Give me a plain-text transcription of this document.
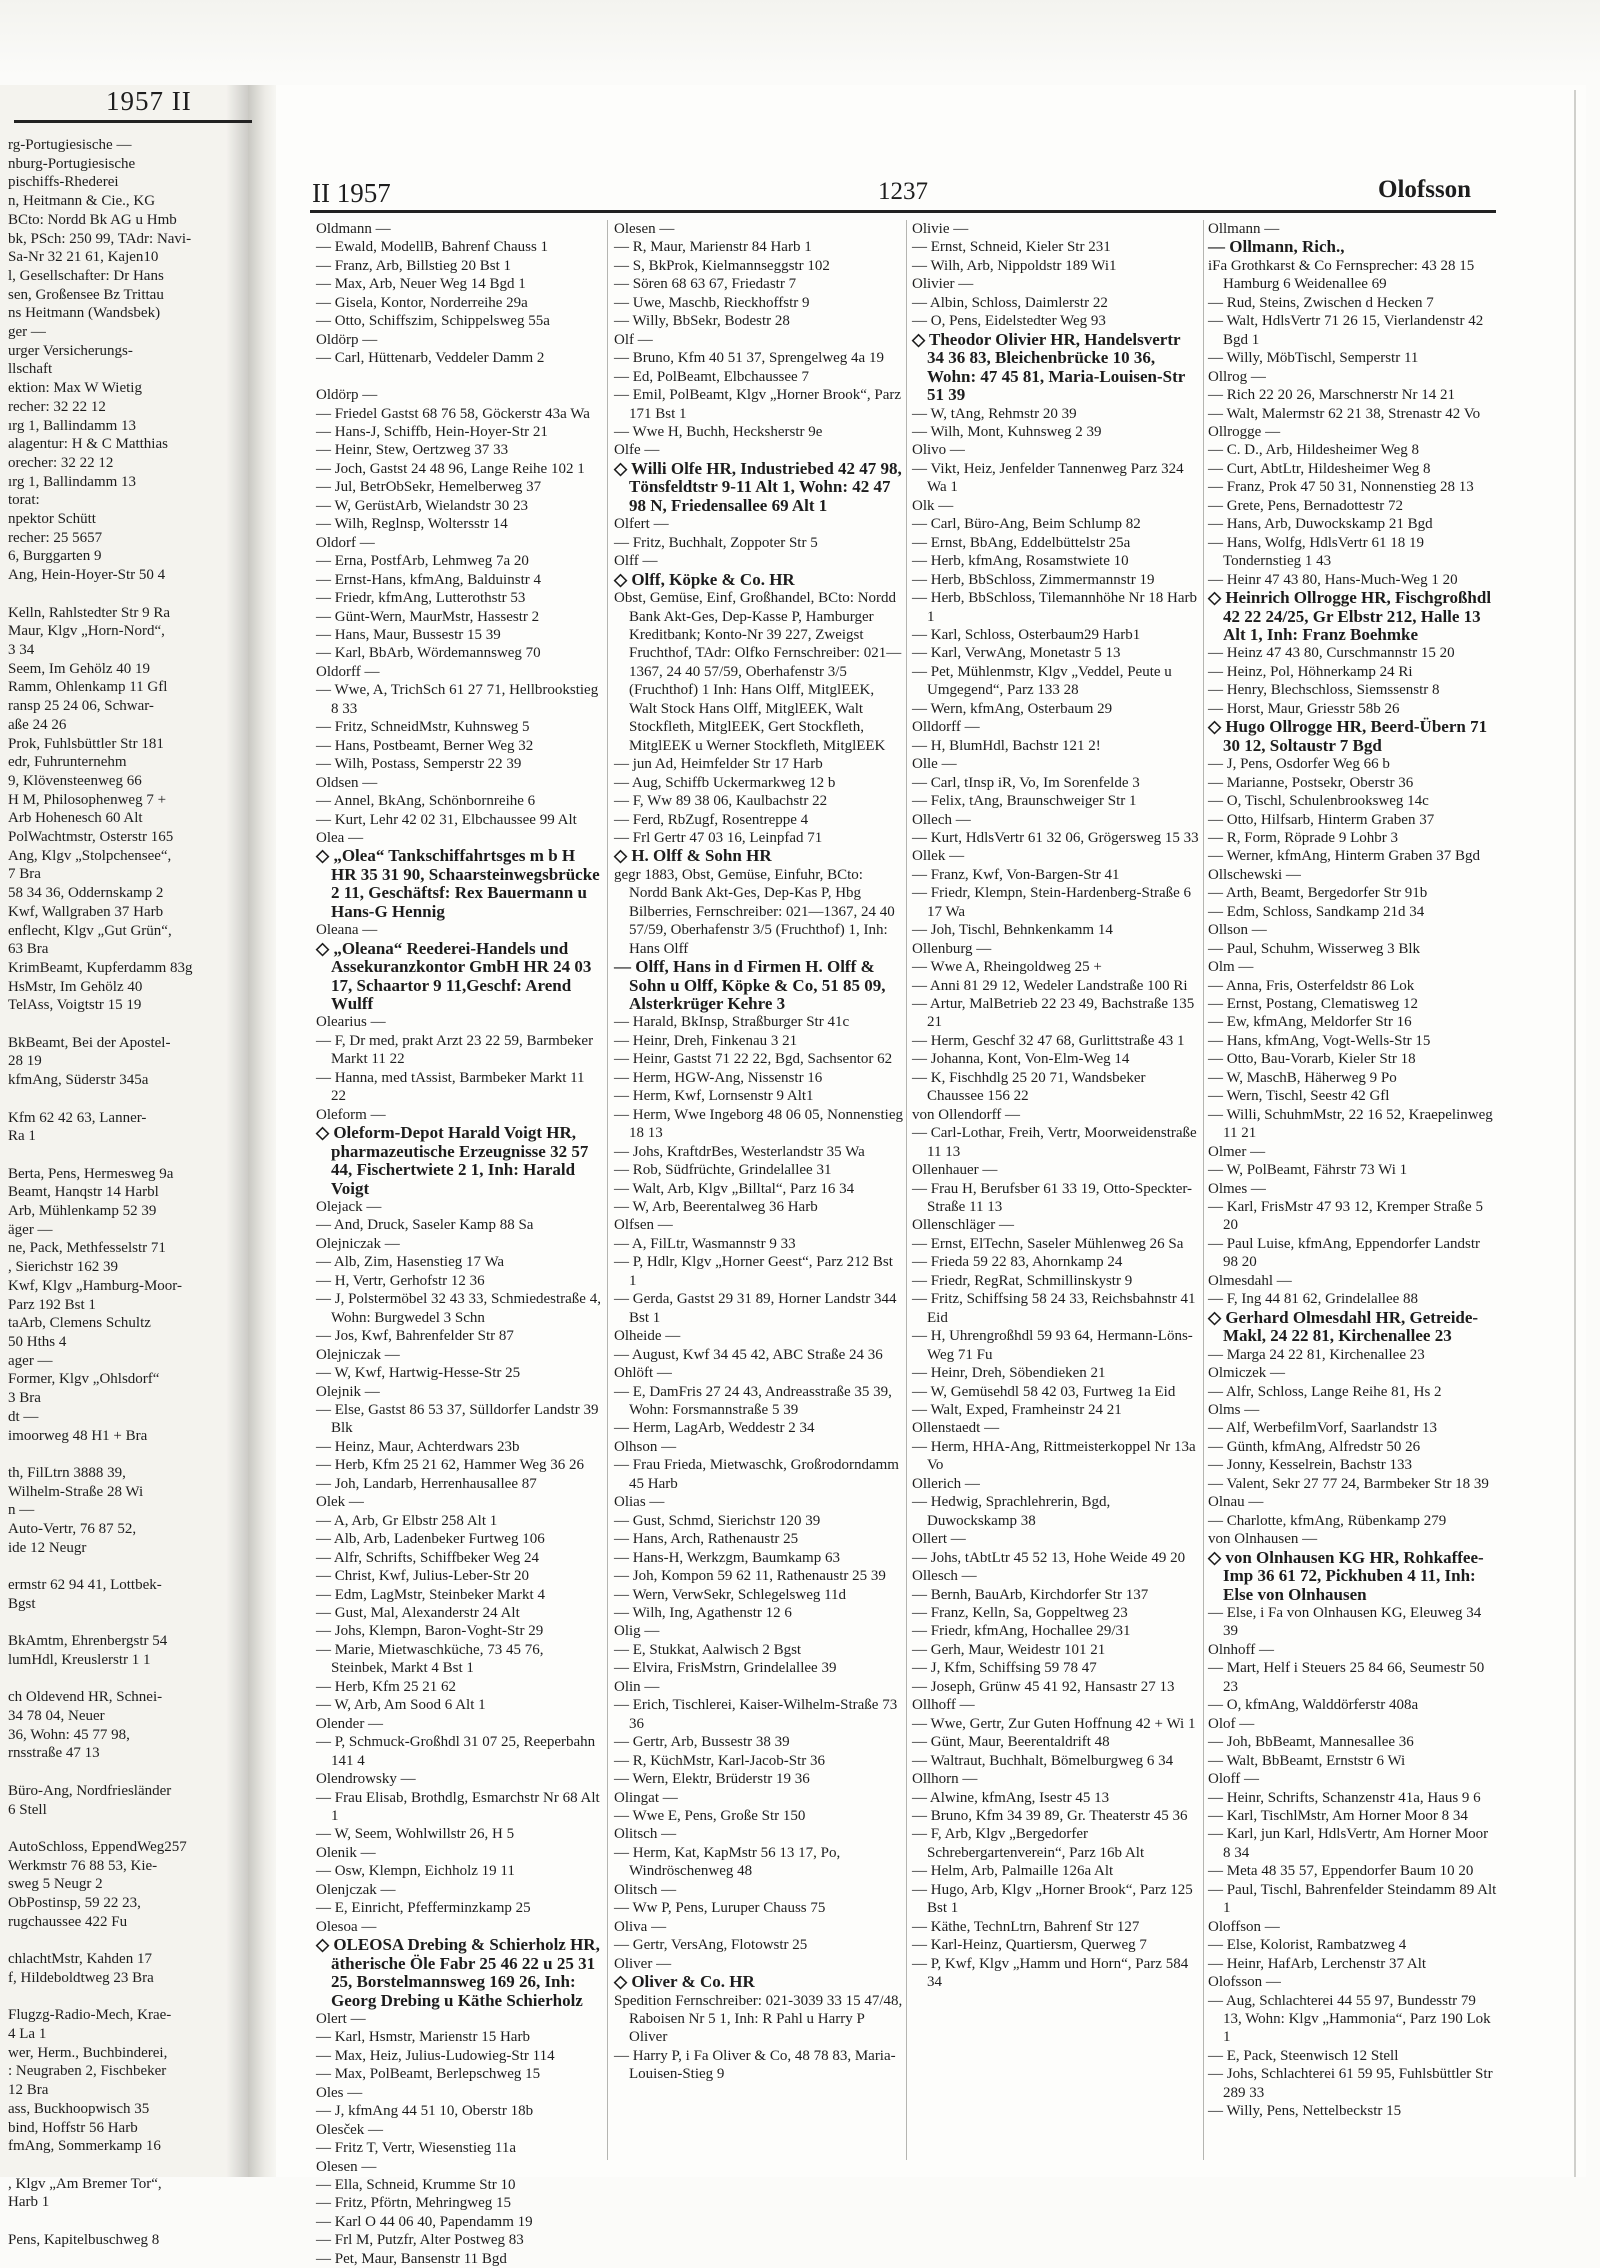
1957 II
rg-Portugiesische —
nburg-Portugiesische
pischiffs-Rhederei
n, Heitmann & Cie., KG
BCto: Nordd Bk AG u Hmb
bk, PSch: 250 99, TAdr: Navi-
Sa-Nr 32 21 61, Kajen10
l, Gesellschafter: Dr Hans
sen, Großensee Bz Trittau
ns Heitmann (Wandsbek)
ger —
urger Versicherungs-
llschaft
ektion: Max W Wietig
recher: 32 22 12
ırg 1, Ballindamm 13
alagentur: H & C Matthias
orecher: 32 22 12
ırg 1, Ballindamm 13
torat:
npektor Schütt
recher: 25 5657
6, Burggarten 9
Ang, Hein-Hoyer-Str 50 4

Kelln, Rahlstedter Str 9 Ra
Maur, Klgv „Horn-Nord“,
3 34
Seem, Im Gehölz 40 19
Ramm, Ohlenkamp 11 Gfl
ransp 25 24 06, Schwar-
aße 24 26
Prok, Fuhlsbüttler Str 181
edr, Fuhrunternehm
9, Klövensteenweg 66
H M, Philosophenweg 7 +
Arb Hohenesch 60 Alt
PolWachtmstr, Osterstr 165
Ang, Klgv „Stolpchensee“,
7 Bra
58 34 36, Oddernskamp 2
Kwf, Wallgraben 37 Harb
enflecht, Klgv „Gut Grün“,
63 Bra
KrimBeamt, Kupferdamm 83g
HsMstr, Im Gehölz 40
TelAss, Voigtstr 15 19

BkBeamt, Bei der Apostel-
28 19
kfmAng, Süderstr 345a

Kfm 62 42 63, Lanner-
Ra 1

Berta, Pens, Hermesweg 9a
Beamt, Hanqstr 14 Harbl
Arb, Mühlenkamp 52 39
äger —
ne, Pack, Methfesselstr 71
, Sierichstr 162 39
Kwf, Klgv „Hamburg-Moor-
Parz 192 Bst 1
taArb, Clemens Schultz
50 Hths 4
ager —
Former, Klgv „Ohlsdorf“
3 Bra
dt —
imoorweg 48 H1 + Bra

th, FilLtrn 3888 39,
Wilhelm-Straße 28 Wi
n —
Auto-Vertr, 76 87 52,
ide 12 Neugr

ermstr 62 94 41, Lottbek-
Bgst

BkAmtm, Ehrenbergstr 54
lumHdl, Kreuslerstr 1 1

ch Oldevend HR, Schnei-
34 78 04, Neuer
36, Wohn: 45 77 98,
rnsstraße 47 13

Büro-Ang, Nordfriesländer
6 Stell

AutoSchloss, EppendWeg257
Werkmstr 76 88 53, Kie-
sweg 5 Neugr 2
ObPostinsp, 59 22 23,
rugchaussee 422 Fu

chlachtMstr, Kahden 17
f, Hildeboldtweg 23 Bra

Flugzg-Radio-Mech, Krae-
4 La 1
wer, Herm., Buchbinderei,
: Neugraben 2, Fischbeker
12 Bra
ass, Buckhoopwisch 35
bind, Hoffstr 56 Harb
fmAng, Sommerkamp 16

, Klgv „Am Bremer Tor“,
Harb 1

Pens, Kapitelbuschweg 8
II 1957	1237	Olofsson
Oldmann —
— Ewald, ModellB, Bahrenf Chauss 1
— Franz, Arb, Billstieg 20 Bst 1
— Max, Arb, Neuer Weg 14 Bgd 1
— Gisela, Kontor, Norderreihe 29a
— Otto, Schiffszim, Schippelsweg 55a
Oldörp —
— Carl, Hüttenarb, Veddeler Damm 2

Oldörp —
— Friedel Gastst 68 76 58, Göckerstr 43a Wa
— Hans-J, Schiffb, Hein-Hoyer-Str 21
— Heinr, Stew, Oertzweg 37 33
— Joch, Gastst 24 48 96, Lange Reihe 102 1
— Jul, BetrObSekr, Hemelberweg 37
— W, GerüstArb, Wielandstr 30 23
— Wilh, Reglnsp, Woltersstr 14
Oldorf —
— Erna, PostfArb, Lehmweg 7a 20
— Ernst-Hans, kfmAng, Balduinstr 4
— Friedr, kfmAng, Lutterothstr 53
— Günt-Wern, MaurMstr, Hassestr 2
— Hans, Maur, Bussestr 15 39
— Karl, BbArb, Wördemannsweg 70
Oldorff —
— Wwe, A, TrichSch 61 27 71, Hellbrookstieg 8 33
— Fritz, SchneidMstr, Kuhnsweg 5
— Hans, Postbeamt, Berner Weg 32
— Wilh, Postass, Semperstr 22 39
Oldsen —
— Annel, BkAng, Schönbornreihe 6
— Kurt, Lehr 42 02 31, Elbchaussee 99 Alt
Olea —
◇ „Olea“ Tankschiffahrtsges m b H HR 35 31 90, Schaarsteinwegsbrücke 2 11, Geschäftsf: Rex Bauermann u Hans-G Hennig
Oleana —
◇ „Oleana“ Reederei-Handels und Assekuranzkontor GmbH HR 24 03 17, Schaartor 9 11,Geschf: Arend Wulff
Olearius —
— F, Dr med, prakt Arzt 23 22 59, Barmbeker Markt 11 22
— Hanna, med tAssist, Barmbeker Markt 11 22
Oleform —
◇ Oleform-Depot Harald Voigt HR, pharmazeutische Erzeugnisse 32 57 44, Fischertwiete 2 1, Inh: Harald Voigt
Olejack —
— And, Druck, Saseler Kamp 88 Sa
Olejniczak —
— Alb, Zim, Hasenstieg 17 Wa
— H, Vertr, Gerhofstr 12 36
— J, Polstermöbel 32 43 33, Schmiedestraße 4, Wohn: Burgwedel 3 Schn
— Jos, Kwf, Bahrenfelder Str 87
Olejniczak —
— W, Kwf, Hartwig-Hesse-Str 25
Olejnik —
— Else, Gastst 86 53 37, Sülldorfer Landstr 39 Blk
— Heinz, Maur, Achterdwars 23b
— Herb, Kfm 25 21 62, Hammer Weg 36 26
— Joh, Landarb, Herrenhausallee 87
Olek —
— A, Arb, Gr Elbstr 258 Alt 1
— Alb, Arb, Ladenbeker Furtweg 106
— Alfr, Schrifts, Schiffbeker Weg 24
— Christ, Kwf, Julius-Leber-Str 20
— Edm, LagMstr, Steinbeker Markt 4
— Gust, Mal, Alexanderstr 24 Alt
— Johs, Klempn, Baron-Voght-Str 29
— Marie, Mietwaschküche, 73 45 76, Steinbek, Markt 4 Bst 1
— Herb, Kfm 25 21 62
— W, Arb, Am Sood 6 Alt 1
Olender —
— P, Schmuck-Großhdl 31 07 25, Reeperbahn 141 4
Olendrowsky —
— Frau Elisab, Brothdlg, Esmarchstr Nr 68 Alt 1
— W, Seem, Wohlwillstr 26, H 5
Olenik —
— Osw, Klempn, Eichholz 19 11
Olenjczak —
— E, Einricht, Pfefferminzkamp 25
Olesoa —
◇ OLEOSA Drebing & Schierholz HR, ätherische Öle Fabr 25 46 22 u 25 31 25, Borstelmannsweg 169 26, Inh: Georg Drebing u Käthe Schierholz
Olert —
— Karl, Hsmstr, Marienstr 15 Harb
— Max, Heiz, Julius-Ludowieg-Str 114
— Max, PolBeamt, Berlepschweg 15
Oles —
— J, kfmAng 44 51 10, Oberstr 18b
Olesček —
— Fritz T, Vertr, Wiesenstieg 11a
Olesen —
— Ella, Schneid, Krumme Str 10
— Fritz, Pförtn, Mehringweg 15
— Karl O 44 06 40, Papendamm 19
— Frl M, Putzfr, Alter Postweg 83
— Pet, Maur, Bansenstr 11 Bgd
Olesen —
— R, Maur, Marienstr 84 Harb 1
— S, BkProk, Kielmannseggstr 102
— Sören 68 63 67, Friedastr 7
— Uwe, Maschb, Rieckhoffstr 9
— Willy, BbSekr, Bodestr 28
Olf —
— Bruno, Kfm 40 51 37, Sprengelweg 4a 19
— Ed, PolBeamt, Elbchaussee 7
— Emil, PolBeamt, Klgv „Horner Brook“, Parz 171 Bst 1
— Wwe H, Buchh, Hecksherstr 9e
Olfe —
◇ Willi Olfe HR, Industriebed 42 47 98, Tönsfeldtstr 9-11 Alt 1, Wohn: 42 47 98 N, Friedensallee 69 Alt 1
Olfert —
— Fritz, Buchhalt, Zoppoter Str 5
Olff —
◇ Olff, Köpke & Co. HR
Obst, Gemüse, Einf, Großhandel, BCto: Nordd Bank Akt-Ges, Dep-Kasse P, Hamburger Kreditbank; Konto-Nr 39 227, Zweigst Fruchthof, TAdr: Olfko Fernschreiber: 021—1367, 24 40 57/59, Oberhafenstr 3/5 (Fruchthof) 1 Inh: Hans Olff, MitglEEK, Walt Stock Hans Olff, MitglEEK, Walt Stockfleth, MitglEEK, Gert Stockfleth, MitglEEK u Werner Stockfleth, MitglEEK
— jun Ad, Heimfelder Str 17 Harb
— Aug, Schiffb Uckermarkweg 12 b
— F, Ww 89 38 06, Kaulbachstr 22
— Ferd, RbZugf, Rosentreppe 4
— Frl Gertr 47 03 16, Leinpfad 71
◇ H. Olff & Sohn HR
gegr 1883, Obst, Gemüse, Einfuhr, BCto: Nordd Bank Akt-Ges, Dep-Kas P, Hbg Bilberries, Fernschreiber: 021—1367, 24 40 57/59, Oberhafenstr 3/5 (Fruchthof) 1, Inh: Hans Olff
— Olff, Hans in d Firmen H. Olff & Sohn u Olff, Köpke & Co, 51 85 09, Alsterkrüger Kehre 3
— Harald, BkInsp, Straßburger Str 41c
— Heinr, Dreh, Finkenau 3 21
— Heinr, Gastst 71 22 22, Bgd, Sachsentor 62
— Herm, HGW-Ang, Nissenstr 16
— Herm, Kwf, Lornsenstr 9 Alt1
— Herm, Wwe Ingeborg 48 06 05, Nonnenstieg 18 13
— Johs, KraftdrBes, Westerlandstr 35 Wa
— Rob, Südfrüchte, Grindelallee 31
— Walt, Arb, Klgv „Billtal“, Parz 16 34
— W, Arb, Beerentalweg 36 Harb
Olfsen —
— A, FilLtr, Wasmannstr 9 33
— P, Hdlr, Klgv „Horner Geest“, Parz 212 Bst 1
— Gerda, Gastst 29 31 89, Horner Landstr 344 Bst 1
Olheide —
— August, Kwf 34 45 42, ABC Straße 24 36
Ohlöft —
— E, DamFris 27 24 43, Andreasstraße 35 39, Wohn: Forsmannstraße 5 39
— Herm, LagArb, Weddestr 2 34
Olhson —
— Frau Frieda, Mietwaschk, Großrodorndamm 45 Harb
Olias —
— Gust, Schmd, Sierichstr 120 39
— Hans, Arch, Rathenaustr 25
— Hans-H, Werkzgm, Baumkamp 63
— Joh, Kompon 59 62 11, Rathenaustr 25 39
— Wern, VerwSekr, Schlegelsweg 11d
— Wilh, Ing, Agathenstr 12 6
Olig —
— E, Stukkat, Aalwisch 2 Bgst
— Elvira, FrisMstrn, Grindelallee 39
Olin —
— Erich, Tischlerei, Kaiser-Wilhelm-Straße 73 36
— Gertr, Arb, Bussestr 38 39
— R, KüchMstr, Karl-Jacob-Str 36
— Wern, Elektr, Brüderstr 19 36
Olingat —
— Wwe E, Pens, Große Str 150
Olitsch —
— Herm, Kat, KapMstr 56 13 17, Po, Windröschenweg 48
Olitsch —
— Ww P, Pens, Luruper Chauss 75
Oliva —
— Gertr, VersAng, Flotowstr 25
Oliver —
◇ Oliver & Co. HR
Spedition Fernschreiber: 021-3039 33 15 47/48, Raboisen Nr 5 1, Inh: R Pahl u Harry P Oliver
— Harry P, i Fa Oliver & Co, 48 78 83, Maria-Louisen-Stieg 9
Olivie —
— Ernst, Schneid, Kieler Str 231
— Wilh, Arb, Nippoldstr 189 Wi1
Olivier —
— Albin, Schloss, Daimlerstr 22
— O, Pens, Eidelstedter Weg 93
◇ Theodor Olivier HR, Handelsvertr 34 36 83, Bleichenbrücke 10 36, Wohn: 47 45 81, Maria-Louisen-Str 51 39
— W, tAng, Rehmstr 20 39
— Wilh, Mont, Kuhnsweg 2 39
Olivo —
— Vikt, Heiz, Jenfelder Tannenweg Parz 324 Wa 1
Olk —
— Carl, Büro-Ang, Beim Schlump 82
— Ernst, BbAng, Eddelbüttelstr 25a
— Herb, kfmAng, Rosamstwiete 10
— Herb, BbSchloss, Zimmermannstr 19
— Herb, BbSchloss, Tilemannhöhe Nr 18 Harb 1
— Karl, Schloss, Osterbaum29 Harb1
— Karl, VerwAng, Monetastr 5 13
— Pet, Mühlenmstr, Klgv „Veddel, Peute u Umgegend“, Parz 133 28
— Wern, kfmAng, Osterbaum 29
Olldorff —
— H, BlumHdl, Bachstr 121 2!
Olle —
— Carl, tInsp iR, Vo, Im Sorenfelde 3
— Felix, tAng, Braunschweiger Str 1
Ollech —
— Kurt, HdlsVertr 61 32 06, Grögersweg 15 33
Ollek —
— Franz, Kwf, Von-Bargen-Str 41
— Friedr, Klempn, Stein-Hardenberg-Straße 6 17 Wa
— Joh, Tischl, Behnkenkamm 14
Ollenburg —
— Wwe A, Rheingoldweg 25 +
— Anni 81 29 12, Wedeler Landstraße 100 Ri
— Artur, MalBetrieb 22 23 49, Bachstraße 135 21
— Herm, Geschf 32 47 68, Gurlittstraße 43 1
— Johanna, Kont, Von-Elm-Weg 14
— K, Fischhdlg 25 20 71, Wandsbeker Chaussee 156 22
von Ollendorff —
— Carl-Lothar, Freih, Vertr, Moorweidenstraße 11 13
Ollenhauer —
— Frau H, Berufsber 61 33 19, Otto-Speckter-Straße 11 13
Ollenschläger —
— Ernst, ElTechn, Saseler Mühlenweg 26 Sa
— Frieda 59 22 83, Ahornkamp 24
— Friedr, RegRat, Schmillinskystr 9
— Fritz, Schiffsing 58 24 33, Reichsbahnstr 41 Eid
— H, Uhrengroßhdl 59 93 64, Hermann-Löns-Weg 71 Fu
— Heinr, Dreh, Söbendieken 21
— W, Gemüsehdl 58 42 03, Furtweg 1a Eid
— Walt, Exped, Framheinstr 24 21
Ollenstaedt —
— Herm, HHA-Ang, Rittmeisterkoppel Nr 13a Vo
Ollerich —
— Hedwig, Sprachlehrerin, Bgd, Duwockskamp 38
Ollert —
— Johs, tAbtLtr 45 52 13, Hohe Weide 49 20
Ollesch —
— Bernh, BauArb, Kirchdorfer Str 137
— Franz, Kelln, Sa, Goppeltweg 23
— Friedr, kfmAng, Hochallee 29/31
— Gerh, Maur, Weidestr 101 21
— J, Kfm, Schiffsing 59 78 47
— Joseph, Grünw 45 41 92, Hansastr 27 13
Ollhoff —
— Wwe, Gertr, Zur Guten Hoffnung 42 + Wi 1
— Günt, Maur, Beerentaldrift 48
— Waltraut, Buchhalt, Bömelburgweg 6 34
Ollhorn —
— Alwine, kfmAng, Isestr 45 13
— Bruno, Kfm 34 39 89, Gr. Theaterstr 45 36
— F, Arb, Klgv „Bergedorfer Schrebergartenverein“, Parz 16b Alt
— Helm, Arb, Palmaille 126a Alt
— Hugo, Arb, Klgv „Horner Brook“, Parz 125 Bst 1
— Käthe, TechnLtrn, Bahrenf Str 127
— Karl-Heinz, Quartiersm, Querweg 7
— P, Kwf, Klgv „Hamm und Horn“, Parz 584 34
Ollmann —
— Ollmann, Rich.,
iFa Grothkarst & Co Fernsprecher: 43 28 15 Hamburg 6 Weidenallee 69
— Rud, Steins, Zwischen d Hecken 7
— Walt, HdlsVertr 71 26 15, Vierlandenstr 42 Bgd 1
— Willy, MöbTischl, Semperstr 11
Ollrog —
— Rich 22 20 26, Marschnerstr Nr 14 21
— Walt, Malermstr 62 21 38, Strenastr 42 Vo
Ollrogge —
— C. D., Arb, Hildesheimer Weg 8
— Curt, AbtLtr, Hildesheimer Weg 8
— Franz, Prok 47 50 31, Nonnenstieg 28 13
— Grete, Pens, Bernadottestr 72
— Hans, Arb, Duwockskamp 21 Bgd
— Hans, Wolfg, HdlsVertr 61 18 19 Tondernstieg 1 43
— Heinr 47 43 80, Hans-Much-Weg 1 20
◇ Heinrich Ollrogge HR, Fischgroßhdl 42 22 24/25, Gr Elbstr 212, Halle 13 Alt 1, Inh: Franz Boehmke
— Heinz 47 43 80, Curschmannstr 15 20
— Heinz, Pol, Höhnerkamp 24 Ri
— Henry, Blechschloss, Siemssenstr 8
— Horst, Maur, Griesstr 58b 26
◇ Hugo Ollrogge HR, Beerd-Übern 71 30 12, Soltaustr 7 Bgd
— J, Pens, Osdorfer Weg 66 b
— Marianne, Postsekr, Oberstr 36
— O, Tischl, Schulenbrooksweg 14c
— Otto, Hilfsarb, Hinterm Graben 37
— R, Form, Röprade 9 Lohbr 3
— Werner, kfmAng, Hinterm Graben 37 Bgd
Ollschewski —
— Arth, Beamt, Bergedorfer Str 91b
— Edm, Schloss, Sandkamp 21d 34
Ollson —
— Paul, Schuhm, Wisserweg 3 Blk
Olm —
— Anna, Fris, Osterfeldstr 86 Lok
— Ernst, Postang, Clematisweg 12
— Ew, kfmAng, Meldorfer Str 16
— Hans, kfmAng, Vogt-Wells-Str 15
— Otto, Bau-Vorarb, Kieler Str 18
— W, MaschB, Häherweg 9 Po
— Wern, Tischl, Seestr 42 Gfl
— Willi, SchuhmMstr, 22 16 52, Kraepelinweg 11 21
Olmer —
— W, PolBeamt, Fährstr 73 Wi 1
Olmes —
— Karl, FrisMstr 47 93 12, Kremper Straße 5 20
— Paul Luise, kfmAng, Eppendorfer Landstr 98 20
Olmesdahl —
— F, Ing 44 81 62, Grindelallee 88
◇ Gerhard Olmesdahl HR, Getreide-Makl, 24 22 81, Kirchenallee 23
— Marga 24 22 81, Kirchenallee 23
Olmiczek —
— Alfr, Schloss, Lange Reihe 81, Hs 2
Olms —
— Alf, WerbefilmVorf, Saarlandstr 13
— Günth, kfmAng, Alfredstr 50 26
— Jonny, Kesselrein, Bachstr 133
— Valent, Sekr 27 77 24, Barmbeker Str 18 39
Olnau —
— Charlotte, kfmAng, Rübenkamp 279
von Olnhausen —
◇ von Olnhausen KG HR, Rohkaffee-Imp 36 61 72, Pickhuben 4 11, Inh: Else von Olnhausen
— Else, i Fa von Olnhausen KG, Eleuweg 34 39
Olnhoff —
— Mart, Helf i Steuers 25 84 66, Seumestr 50 23
— O, kfmAng, Walddörferstr 408a
Olof —
— Joh, BbBeamt, Mannesallee 36
— Walt, BbBeamt, Ernststr 6 Wi
Oloff —
— Heinr, Schrifts, Schanzenstr 41a, Haus 9 6
— Karl, TischlMstr, Am Horner Moor 8 34
— Karl, jun Karl, HdlsVertr, Am Horner Moor 8 34
— Meta 48 35 57, Eppendorfer Baum 10 20
— Paul, Tischl, Bahrenfelder Steindamm 89 Alt 1
Oloffson —
— Else, Kolorist, Rambatzweg 4
— Heinr, HafArb, Lerchenstr 37 Alt
Olofsson —
— Aug, Schlachterei 44 55 97, Bundesstr 79 13, Wohn: Klgv „Hammonia“, Parz 190 Lok 1
— E, Pack, Steenwisch 12 Stell
— Johs, Schlachterei 61 59 95, Fuhlsbüttler Str 289 33
— Willy, Pens, Nettelbeckstr 15
